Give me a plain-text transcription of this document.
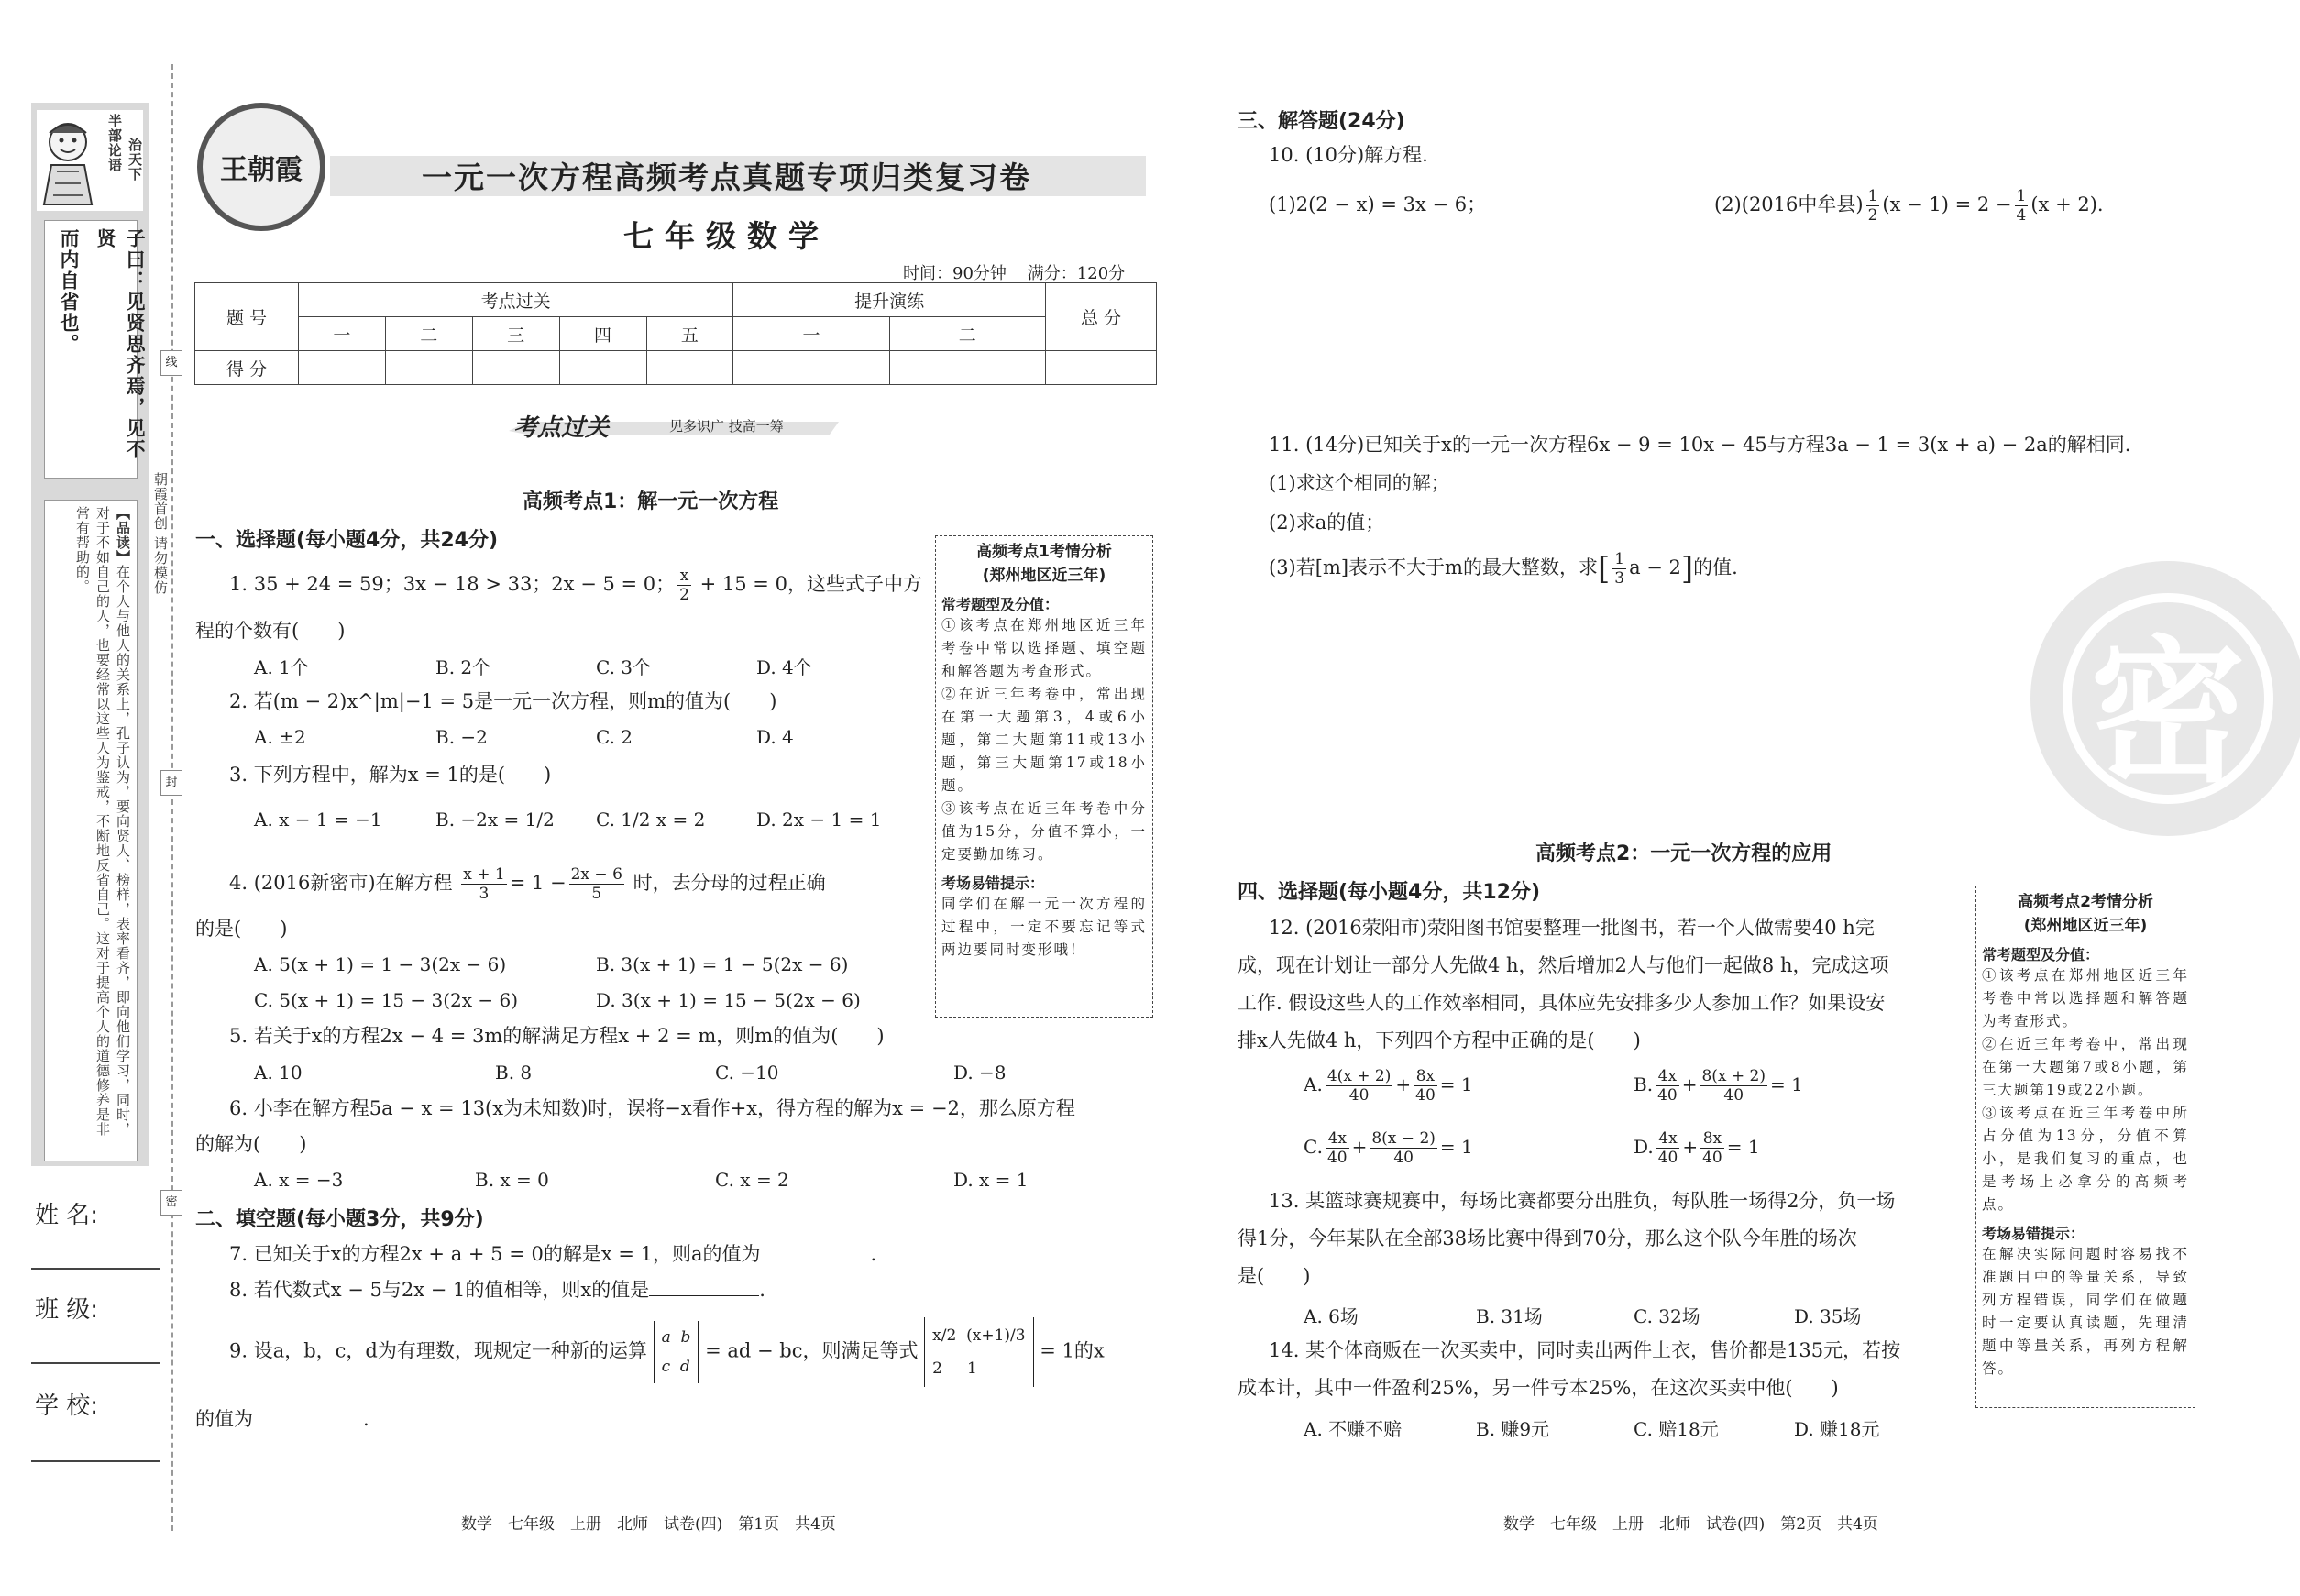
半部论语
治天下
子曰：见贤思齐焉，见不贤
而内自省也。
【品读】在个人与他人的关系上，孔子认为，要向贤人、榜样，表率看齐，即向他们学习，同时，对于不如自己的人，也要经常以这些人为鉴戒，不断地反省自己。这对于提高个人的道德修养是非常有帮助的。
姓 名:
班 级:
学 校:
线
封
密
朝霞首创 请勿模仿
王朝霞	一元一次方程高频考点真题专项归类复习卷
七年级数学
时间：90分钟 满分：120分
题 号	考点过关					提升演练		总 分
	一	二	三	四	五	一	二	
得 分								
考点过关	见多识广 技高一筹
高频考点1：解一元一次方程
一、选择题(每小题4分，共24分)
1. 35 + 24 = 59；3x − 18 > 33；2x − 5 = 0； $\frac{x}{2} + 15 = 0$，这些式子中方
程的个数有(　　)
A. 1个	B. 2个	C. 3个	D. 4个
2. 若(m − 2)x^|m|−1 = 5是一元一次方程，则m的值为(　　)
A. ±2	B. −2	C. 2	D. 4
3. 下列方程中，解为x = 1的是(　　)
A. x − 1 = −1	B. −2x = 1/2 C. 1/2 x = 2	D. 2x − 1 = 1
4. (2016新密市)在解方程 $\frac{x + 1}{3} = 1 - \frac{2x - 6}{5}$ 时，去分母的过程正确
的是(　　)
A. 5(x + 1) = 1 − 3(2x − 6)	B. 3(x + 1) = 1 − 5(2x − 6)
C. 5(x + 1) = 15 − 3(2x − 6)	D. 3(x + 1) = 15 − 5(2x − 6)
5. 若关于x的方程2x − 4 = 3m的解满足方程x + 2 = m，则m的值为(　　)
A. 10	B. 8	C. −10	D. −8
6. 小李在解方程5a − x = 13(x为未知数)时，误将−x看作+x，得方程的解为x = −2，那么原方程
的解为(　　)
A. x = −3	B. x = 0	C. x = 2	D. x = 1
二、填空题(每小题3分，共9分)
7. 已知关于x的方程2x + a + 5 = 0的解是x = 1，则a的值为	.
8. 若代数式x − 5与2x − 1的值相等，则x的值是	.
9. 设a，b，c，d为有理数，现规定一种新的运算 a  b
c  d = ad − bc，则满足等式 x/2  (x+1)/3
2     1 = 1的x
的值为	.
数学　七年级　上册　北师　试卷(四)　第1页　共4页
高频考点1考情分析
(郑州地区近三年)
常考题型及分值：
①该考点在郑州地区近三年考卷中常以选择题、填空题和解答题为考查形式。
②在近三年考卷中，常出现在第一大题第3，4或6小题，第二大题第11或13小题，第三大题第17或18小题。
③该考点在近三年考卷中分值为15分，分值不算小，一定要勤加练习。
考场易错提示：
同学们在解一元一次方程的过程中，一定不要忘记等式两边要同时变形哦！
密
三、解答题(24分)
10. (10分)解方程.
(1)2(2 − x) = 3x − 6；	(2)(2016中牟县) $\frac{1}{2} (x - 1) = 2 - \frac{1}{4} (x + 2)$.
11. (14分)已知关于x的一元一次方程6x − 9 = 10x − 45与方程3a − 1 = 3(x + a) − 2a的解相同.
(1)求这个相同的解；
(2)求a的值；
(3)若[m]表示不大于m的最大整数，求[ $\frac{1}{3}$ a − 2]的值.
高频考点2：一元一次方程的应用
四、选择题(每小题4分，共12分)
12. (2016荥阳市)荥阳图书馆要整理一批图书，若一个人做需要40 h完
成，现在计划让一部分人先做4 h，然后增加2人与他们一起做8 h，完成这项
工作. 假设这些人的工作效率相同，具体应先安排多少人参加工作？如果设安
排x人先做4 h，下列四个方程中正确的是(　　)
A. $\frac{4(x + 2)}{40} + \frac{8x}{40} = 1$	B. $\frac{4x}{40} + \frac{8(x + 2)}{40} = 1$
C. $\frac{4x}{40} + \frac{8(x - 2)}{40} = 1$	D. $\frac{4x}{40} + \frac{8x}{40} = 1$
13. 某篮球赛规赛中，每场比赛都要分出胜负，每队胜一场得2分，负一场
得1分，今年某队在全部38场比赛中得到70分，那么这个队今年胜的场次
是(　　)
A. 6场	B. 31场	C. 32场	D. 35场
14. 某个体商贩在一次买卖中，同时卖出两件上衣，售价都是135元，若按
成本计，其中一件盈利25%，另一件亏本25%，在这次买卖中他(　　)
A. 不赚不赔	B. 赚9元	C. 赔18元	D. 赚18元
数学　七年级　上册　北师　试卷(四)　第2页　共4页
高频考点2考情分析
(郑州地区近三年)
常考题型及分值：
①该考点在郑州地区近三年考卷中常以选择题和解答题为考查形式。
②在近三年考卷中，常出现在第一大题第7或8小题，第三大题第19或22小题。
③该考点在近三年考卷中所占分值为13分，分值不算小，是我们复习的重点，也是考场上必拿分的高频考点。
考场易错提示：
在解决实际问题时容易找不准题目中的等量关系，导致列方程错误，同学们在做题时一定要认真读题，先理清题中等量关系，再列方程解答。
